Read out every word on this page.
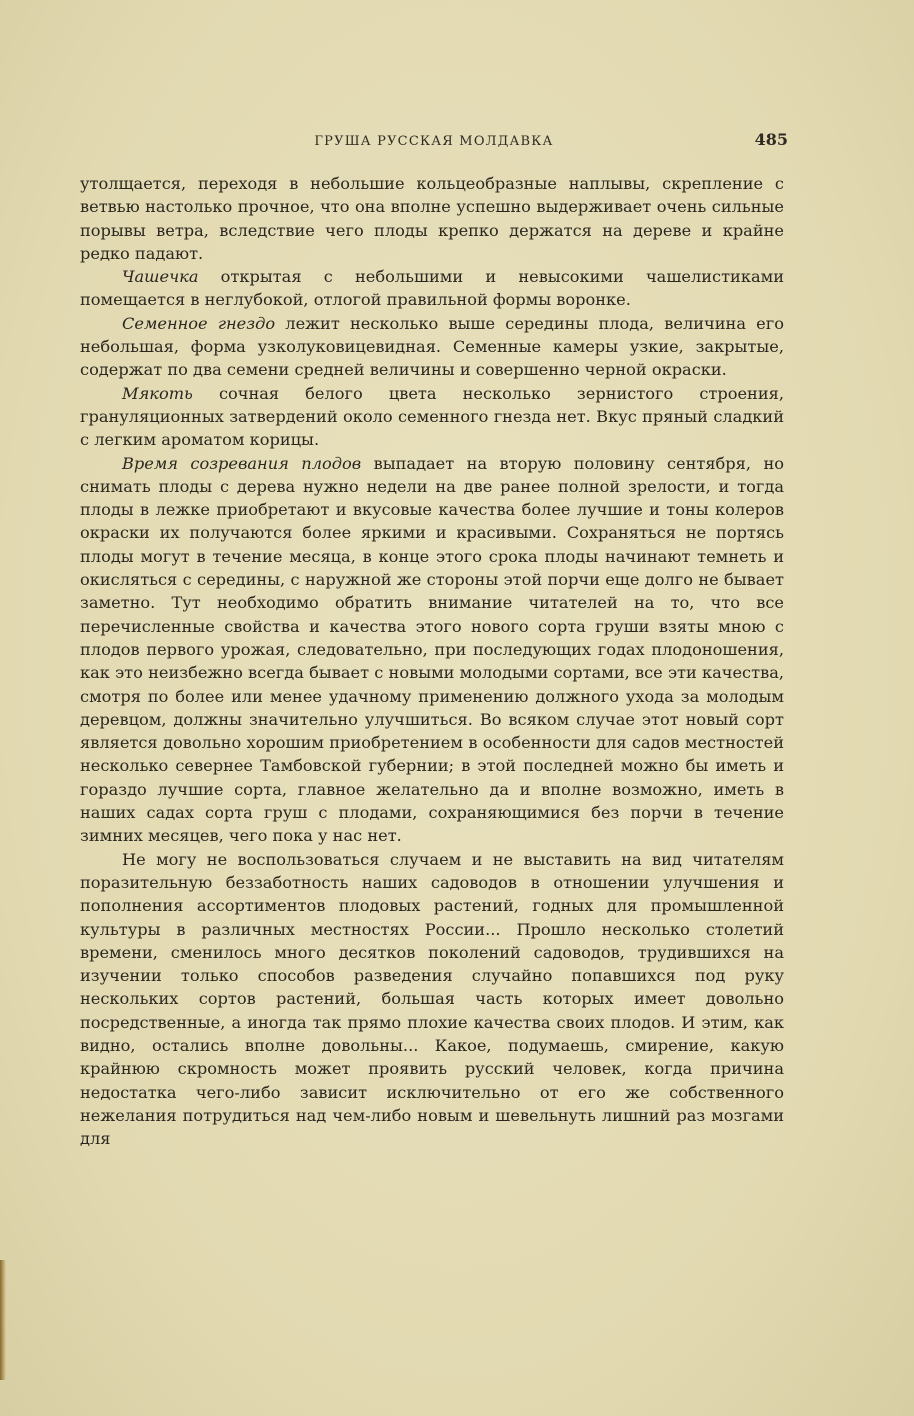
ГРУША РУССКАЯ МОЛДАВКА	485

утолщается, переходя в небольшие кольцеобразные наплывы, скрепление с ветвью настолько прочное, что она вполне успешно выдерживает очень сильные порывы ветра, вследствие чего плоды крепко держатся на дереве и крайне редко падают.

Чашечка открытая с небольшими и невысокими чашелистиками помещается в неглубокой, отлогой правильной формы воронке.

Семенное гнездо лежит несколько выше середины плода, величина его небольшая, форма узколуковицевидная. Семенные камеры узкие, закрытые, содержат по два семени средней величины и совершенно черной окраски.

Мякоть сочная белого цвета несколько зернистого строения, грануляционных затвердений около семенного гнезда нет. Вкус пряный сладкий с легким ароматом корицы.

Время созревания плодов выпадает на вторую половину сентября, но снимать плоды с дерева нужно недели на две ранее полной зрелости, и тогда плоды в лежке приобретают и вкусовые качества более лучшие и тоны колеров окраски их получаются более яркими и красивыми. Сохраняться не портясь плоды могут в течение месяца, в конце этого срока плоды начинают темнеть и окисляться с середины, с наружной же стороны этой порчи еще долго не бывает заметно. Тут необходимо обратить внимание читателей на то, что все перечисленные свойства и качества этого нового сорта груши взяты мною с плодов первого урожая, следовательно, при последующих годах плодоношения, как это неизбежно всегда бывает с новыми молодыми сортами, все эти качества, смотря по более или менее удачному применению должного ухода за молодым деревцом, должны значительно улучшиться. Во всяком случае этот новый сорт является довольно хорошим приобретением в особенности для садов местностей несколько севернее Тамбовской губернии; в этой последней можно бы иметь и гораздо лучшие сорта, главное желательно да и вполне возможно, иметь в наших садах сорта груш с плодами, сохраняющимися без порчи в течение зимних месяцев, чего пока у нас нет.

Не могу не воспользоваться случаем и не выставить на вид читателям поразительную беззаботность наших садоводов в отношении улучшения и пополнения ассортиментов плодовых растений, годных для промышленной культуры в различных местностях России... Прошло несколько столетий времени, сменилось много десятков поколений садоводов, трудившихся на изучении только способов разведения случайно попавшихся под руку нескольких сортов растений, большая часть которых имеет довольно посредственные, а иногда так прямо плохие качества своих плодов. И этим, как видно, остались вполне довольны... Какое, подумаешь, смирение, какую крайнюю скромность может проявить русский человек, когда причина недостатка чего-либо зависит исключительно от его же собственного нежелания потрудиться над чем-либо новым и шевельнуть лишний раз мозгами для
